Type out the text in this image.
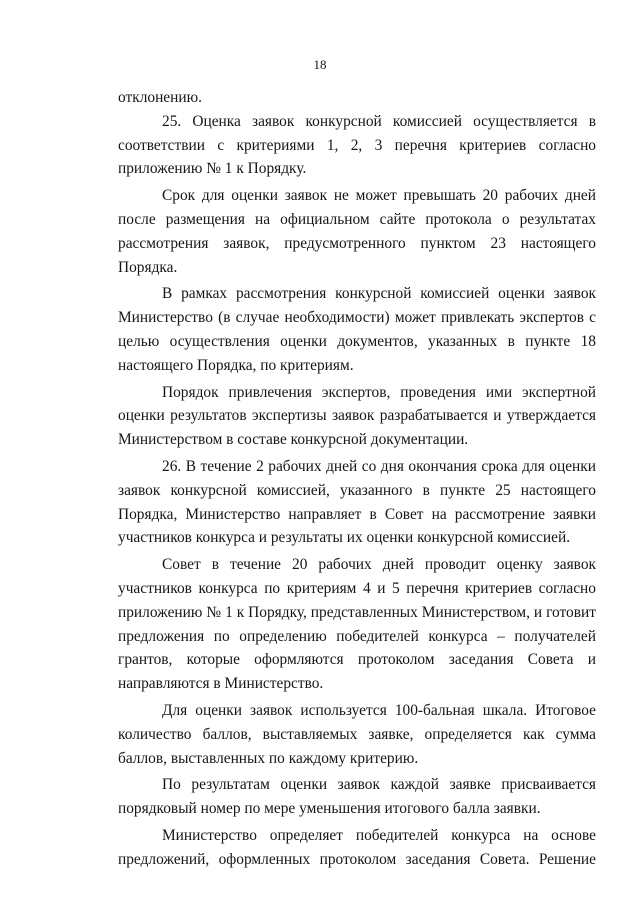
18

отклонению.

25. Оценка заявок конкурсной комиссией осуществляется в соответствии с критериями 1, 2, 3 перечня критериев согласно приложению № 1 к Порядку.

Срок для оценки заявок не может превышать 20 рабочих дней после размещения на официальном сайте протокола о результатах рассмотрения заявок, предусмотренного пунктом 23 настоящего Порядка.

В рамках рассмотрения конкурсной комиссией оценки заявок Министерство (в случае необходимости) может привлекать экспертов с целью осуществления оценки документов, указанных в пункте 18 настоящего Порядка, по критериям.

Порядок привлечения экспертов, проведения ими экспертной оценки результатов экспертизы заявок разрабатывается и утверждается Министерством в составе конкурсной документации.

26. В течение 2 рабочих дней со дня окончания срока для оценки заявок конкурсной комиссией, указанного в пункте 25 настоящего Порядка, Министерство направляет в Совет на рассмотрение заявки участников конкурса и результаты их оценки конкурсной комиссией.

Совет в течение 20 рабочих дней проводит оценку заявок участников конкурса по критериям 4 и 5 перечня критериев согласно приложению № 1 к Порядку, представленных Министерством, и готовит предложения по определению победителей конкурса – получателей грантов, которые оформляются протоколом заседания Совета и направляются в Министерство.

Для оценки заявок используется 100-бальная шкала. Итоговое количество баллов, выставляемых заявке, определяется как сумма баллов, выставленных по каждому критерию.

По результатам оценки заявок каждой заявке присваивается порядковый номер по мере уменьшения итогового балла заявки.

Министерство определяет победителей конкурса на основе предложений, оформленных протоколом заседания Совета. Решение
